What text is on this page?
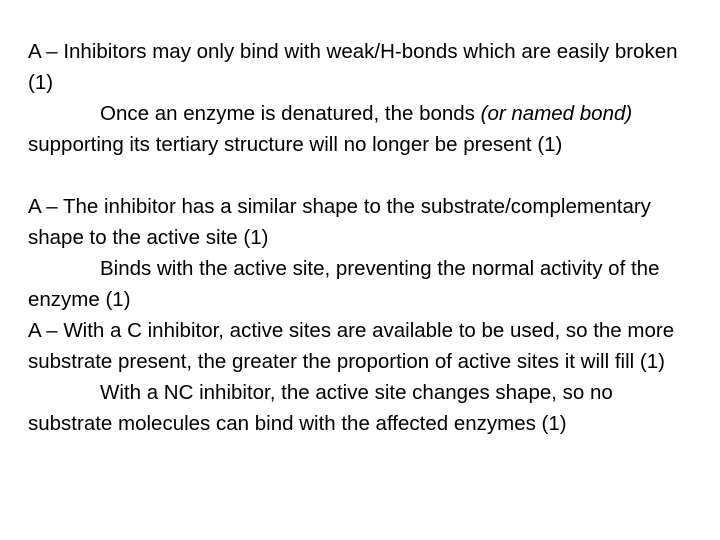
A – Inhibitors may only bind with weak/H-bonds which are easily broken (1)

Once an enzyme is denatured, the bonds (or named bond) supporting its tertiary structure will no longer be present (1)

A – The inhibitor has a similar shape to the substrate/complementary shape to the active site (1)

Binds with the active site, preventing the normal activity of the enzyme (1)

A – With a C inhibitor, active sites are available to be used, so the more substrate present, the greater the proportion of active sites it will fill (1)

With a NC inhibitor, the active site changes shape, so no substrate molecules can bind with the affected enzymes (1)
